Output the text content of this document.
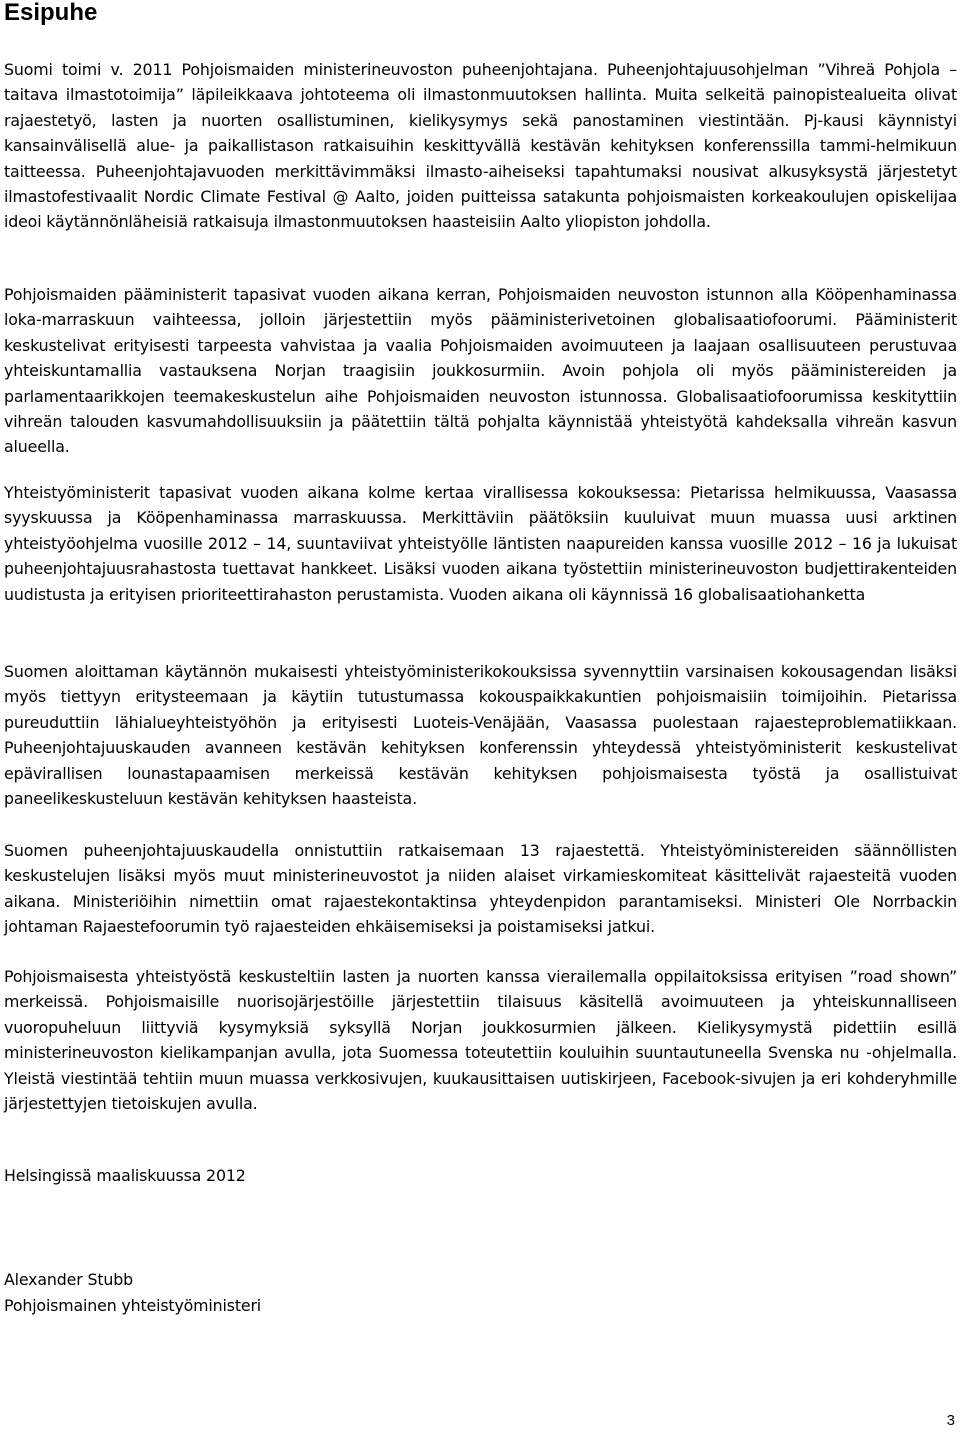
Esipuhe

Suomi toimi v. 2011 Pohjoismaiden ministerineuvoston puheenjohtajana. Puheenjohtajuusohjelman ”Vihreä Pohjola – taitava ilmastotoimija” läpileikkaava johtoteema oli ilmastonmuutoksen hallinta. Muita selkeitä painopistealueita olivat rajaestetyö, lasten ja nuorten osallistuminen, kielikysymys sekä panostaminen viestintään. Pj-kausi käynnistyi kansainvälisellä alue- ja paikallistason ratkaisuihin keskittyvällä kestävän kehityksen konferenssilla tammi-helmikuun taitteessa. Puheenjohtajavuoden merkittävimmäksi ilmasto-aiheiseksi tapahtumaksi nousivat alkusyksystä järjestetyt ilmastofestivaalit Nordic Climate Festival @ Aalto, joiden puitteissa satakunta pohjoismaisten korkeakoulujen opiskelijaa ideoi käytännönläheisiä ratkaisuja ilmastonmuutoksen haasteisiin Aalto yliopiston johdolla.

Pohjoismaiden pääministerit tapasivat vuoden aikana kerran, Pohjoismaiden neuvoston istunnon alla Kööpenhaminassa loka-marraskuun vaihteessa, jolloin järjestettiin myös pääministerivetoinen globalisaatiofoorumi. Pääministerit keskustelivat erityisesti tarpeesta vahvistaa ja vaalia Pohjoismaiden avoimuuteen ja laajaan osallisuuteen perustuvaa yhteiskuntamallia vastauksena Norjan traagisiin joukkosurmiin. Avoin pohjola oli myös pääministereiden ja parlamentaarikkojen teemakeskustelun aihe Pohjoismaiden neuvoston istunnossa. Globalisaatiofoorumissa keskityttiin vihreän talouden kasvumahdollisuuksiin ja päätettiin tältä pohjalta käynnistää yhteistyötä kahdeksalla vihreän kasvun alueella.

Yhteistyöministerit tapasivat vuoden aikana kolme kertaa virallisessa kokouksessa: Pietarissa helmikuussa, Vaasassa syyskuussa ja Kööpenhaminassa marraskuussa. Merkittäviin päätöksiin kuuluivat muun muassa uusi arktinen yhteistyöohjelma vuosille 2012 – 14, suuntaviivat yhteistyölle läntisten naapureiden kanssa vuosille 2012 – 16 ja lukuisat puheenjohtajuusrahastosta tuettavat hankkeet. Lisäksi vuoden aikana työstettiin ministerineuvoston budjettirakenteiden uudistusta ja erityisen prioriteettirahaston perustamista. Vuoden aikana oli käynnissä 16 globalisaatiohanketta

Suomen aloittaman käytännön mukaisesti yhteistyöministerikokouksissa syvennyttiin varsinaisen kokousagendan lisäksi myös tiettyyn eritysteemaan ja käytiin tutustumassa kokouspaikkakuntien pohjoismaisiin toimijoihin. Pietarissa pureuduttiin lähialueyhteistyöhön ja erityisesti Luoteis-Venäjään, Vaasassa puolestaan rajaesteproblematiikkaan. Puheenjohtajuuskauden avanneen kestävän kehityksen konferenssin yhteydessä yhteistyöministerit keskustelivat epävirallisen lounastapaamisen merkeissä kestävän kehityksen pohjoismaisesta työstä ja osallistuivat paneelikeskusteluun kestävän kehityksen haasteista.

Suomen puheenjohtajuuskaudella onnistuttiin ratkaisemaan 13 rajaestettä. Yhteistyöministereiden säännöllisten keskustelujen lisäksi myös muut ministerineuvostot ja niiden alaiset virkamieskomiteat käsittelivät rajaesteitä vuoden aikana. Ministeriöihin nimettiin omat rajaestekontaktinsa yhteydenpidon parantamiseksi. Ministeri Ole Norrbackin johtaman Rajaestefoorumin työ rajaesteiden ehkäisemiseksi ja poistamiseksi jatkui.

Pohjoismaisesta yhteistyöstä keskusteltiin lasten ja nuorten kanssa vierailemalla oppilaitoksissa erityisen ”road shown” merkeissä. Pohjoismaisille nuorisojärjestöille järjestettiin tilaisuus käsitellä avoimuuteen ja yhteiskunnalliseen vuoropuheluun liittyviä kysymyksiä syksyllä Norjan joukkosurmien jälkeen. Kielikysymystä pidettiin esillä ministerineuvoston kielikampanjan avulla, jota Suomessa toteutettiin kouluihin suuntautuneella Svenska nu -ohjelmalla. Yleistä viestintää tehtiin muun muassa verkkosivujen, kuukausittaisen uutiskirjeen, Facebook-sivujen ja eri kohderyhmille järjestettyjen tietoiskujen avulla.

Helsingissä maaliskuussa 2012

Alexander Stubb

Pohjoismainen yhteistyöministeri

3
